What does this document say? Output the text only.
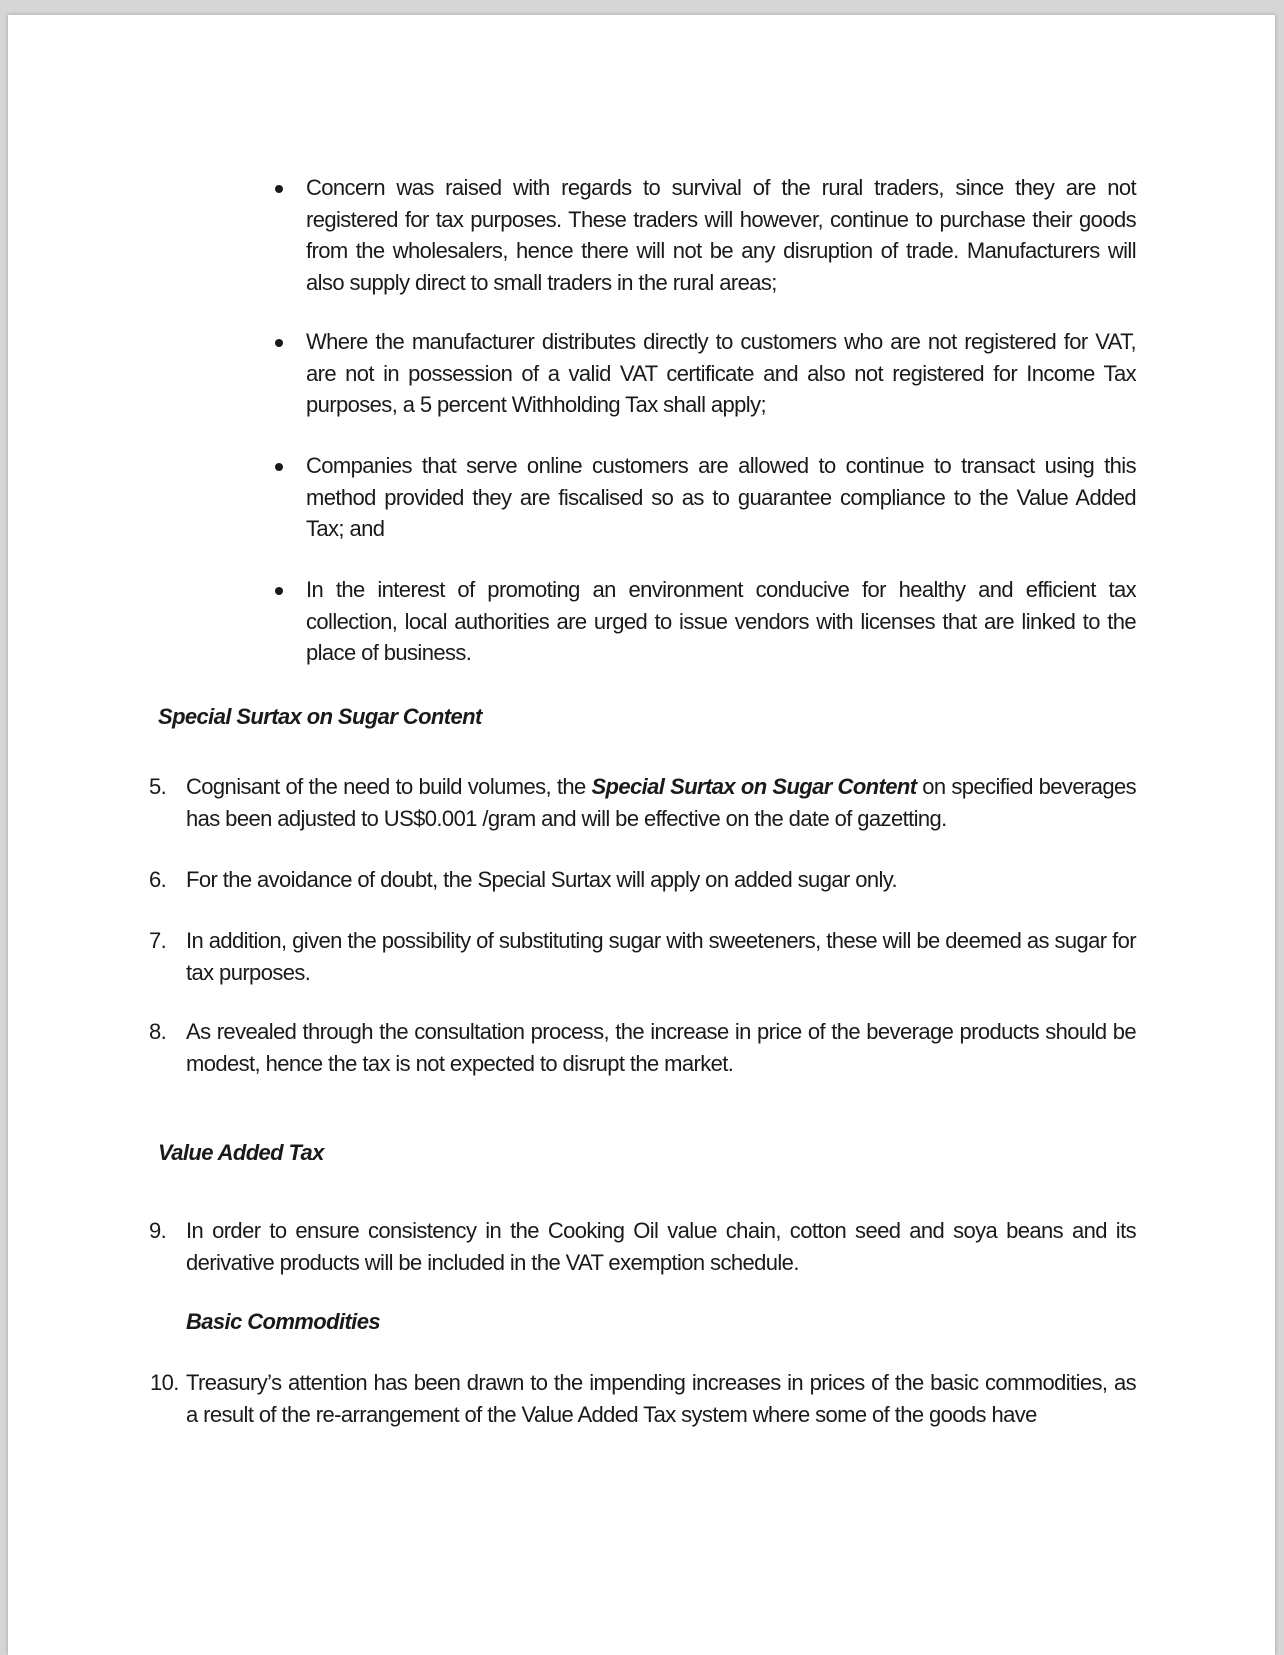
Concern was raised with regards to survival of the rural traders, since they are not registered for tax purposes. These traders will however, continue to purchase their goods from the wholesalers, hence there will not be any disruption of trade. Manufacturers will also supply direct to small traders in the rural areas;
Where the manufacturer distributes directly to customers who are not registered for VAT, are not in possession of a valid VAT certificate and also not registered for Income Tax purposes, a 5 percent Withholding Tax shall apply;
Companies that serve online customers are allowed to continue to transact using this method provided they are fiscalised so as to guarantee compliance to the Value Added Tax; and
In the interest of promoting an environment conducive for healthy and efficient tax collection, local authorities are urged to issue vendors with licenses that are linked to the place of business.
Special Surtax on Sugar Content
5. Cognisant of the need to build volumes, the Special Surtax on Sugar Content on specified beverages has been adjusted to US$0.001 /gram and will be effective on the date of gazetting.
6. For the avoidance of doubt, the Special Surtax will apply on added sugar only.
7. In addition, given the possibility of substituting sugar with sweeteners, these will be deemed as sugar for tax purposes.
8. As revealed through the consultation process, the increase in price of the beverage products should be modest, hence the tax is not expected to disrupt the market.
Value Added Tax
9. In order to ensure consistency in the Cooking Oil value chain, cotton seed and soya beans and its derivative products will be included in the VAT exemption schedule.
Basic Commodities
10. Treasury’s attention has been drawn to the impending increases in prices of the basic commodities, as a result of the re-arrangement of the Value Added Tax system where some of the goods have
